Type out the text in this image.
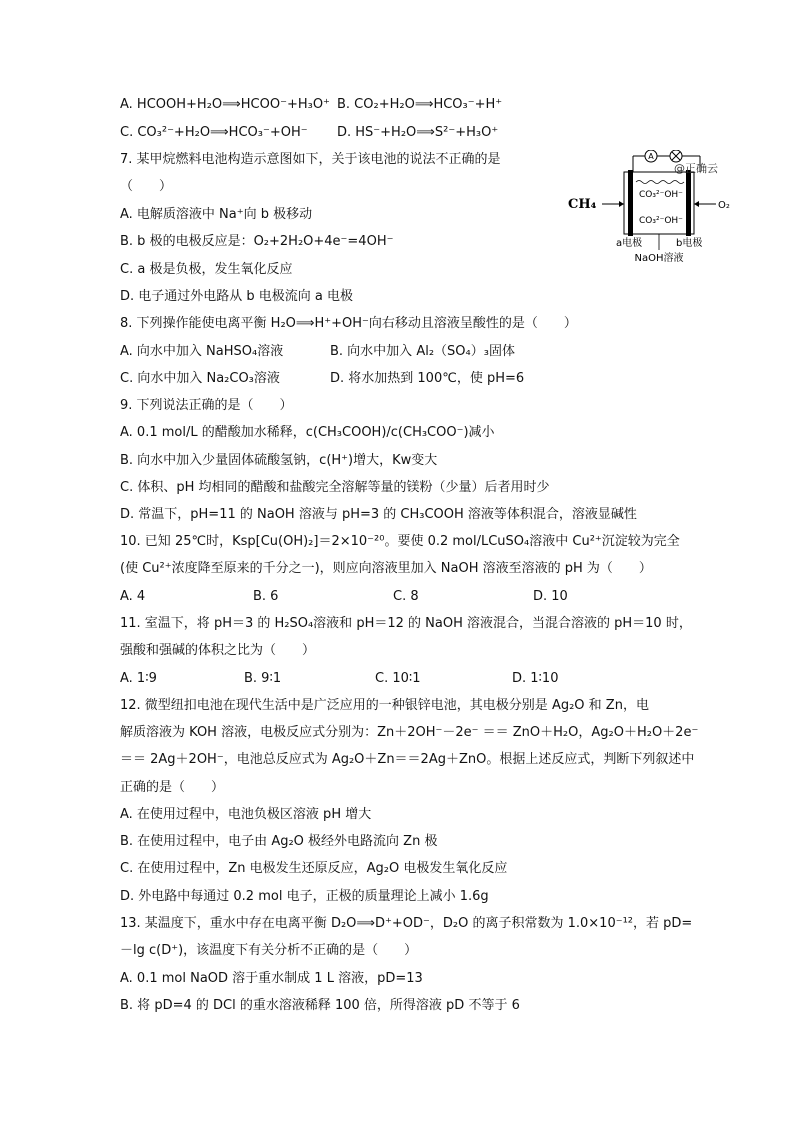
A. HCOOH+H₂O⟹HCOO⁻+H₃O⁺ B. CO₂+H₂O⟹HCO₃⁻+H⁺
C. CO₃²⁻+H₂O⟹HCO₃⁻+OH⁻ D. HS⁻+H₂O⟹S²⁻+H₃O⁺
7. 某甲烷燃料电池构造示意图如下，关于该电池的说法不正确的是
（　　）
A. 电解质溶液中 Na⁺向 b 极移动
B. b 极的电极反应是：O₂+2H₂O+4e⁻=4OH⁻
C. a 极是负极，发生氧化反应
D. 电子通过外电路从 b 电极流向 a 电极
A
CO₃²⁻OH⁻
CO₃²⁻OH⁻
CH₄	O₂
@正确云
a电极	b电极
NaOH溶液
8. 下列操作能使电离平衡 H₂O⟹H⁺+OH⁻向右移动且溶液呈酸性的是（　　）
A. 向水中加入 NaHSO₄溶液	B. 向水中加入 Al₂（SO₄）₃固体
C. 向水中加入 Na₂CO₃溶液	D. 将水加热到 100℃，使 pH=6
9. 下列说法正确的是（　　）
A. 0.1 mol/L 的醋酸加水稀释，c(CH₃COOH)/c(CH₃COO⁻)减小
B. 向水中加入少量固体硫酸氢钠，c(H⁺)增大，Kw变大
C. 体积、pH 均相同的醋酸和盐酸完全溶解等量的镁粉（少量）后者用时少
D. 常温下，pH=11 的 NaOH 溶液与 pH=3 的 CH₃COOH 溶液等体积混合，溶液显碱性
10. 已知 25℃时，Ksp[Cu(OH)₂]＝2×10⁻²⁰。要使 0.2 mol/LCuSO₄溶液中 Cu²⁺沉淀较为完全
(使 Cu²⁺浓度降至原来的千分之一)，则应向溶液里加入 NaOH 溶液至溶液的 pH 为（　　）
A. 4	B. 6	C. 8	D. 10
11. 室温下，将 pH＝3 的 H₂SO₄溶液和 pH＝12 的 NaOH 溶液混合，当混合溶液的 pH＝10 时，
强酸和强碱的体积之比为（　　）
A. 1∶9	B. 9∶1	C. 10∶1	D. 1∶10
12. 微型纽扣电池在现代生活中是广泛应用的一种银锌电池，其电极分别是 Ag₂O 和 Zn，电
解质溶液为 KOH 溶液，电极反应式分别为：Zn＋2OH⁻－2e⁻ ＝＝ ZnO＋H₂O，Ag₂O＋H₂O＋2e⁻
＝＝ 2Ag＋2OH⁻，电池总反应式为 Ag₂O＋Zn＝＝2Ag＋ZnO。根据上述反应式，判断下列叙述中
正确的是（　　）
A. 在使用过程中，电池负极区溶液 pH 增大
B. 在使用过程中，电子由 Ag₂O 极经外电路流向 Zn 极
C. 在使用过程中，Zn 电极发生还原反应，Ag₂O 电极发生氧化反应
D. 外电路中每通过 0.2 mol 电子，正极的质量理论上减小 1.6g
13. 某温度下，重水中存在电离平衡 D₂O⟹D⁺+OD⁻，D₂O 的离子积常数为 1.0×10⁻¹²，若 pD=
－lg c(D⁺)，该温度下有关分析不正确的是（　　）
A. 0.1 mol NaOD 溶于重水制成 1 L 溶液，pD=13
B. 将 pD=4 的 DCl 的重水溶液稀释 100 倍，所得溶液 pD 不等于 6
